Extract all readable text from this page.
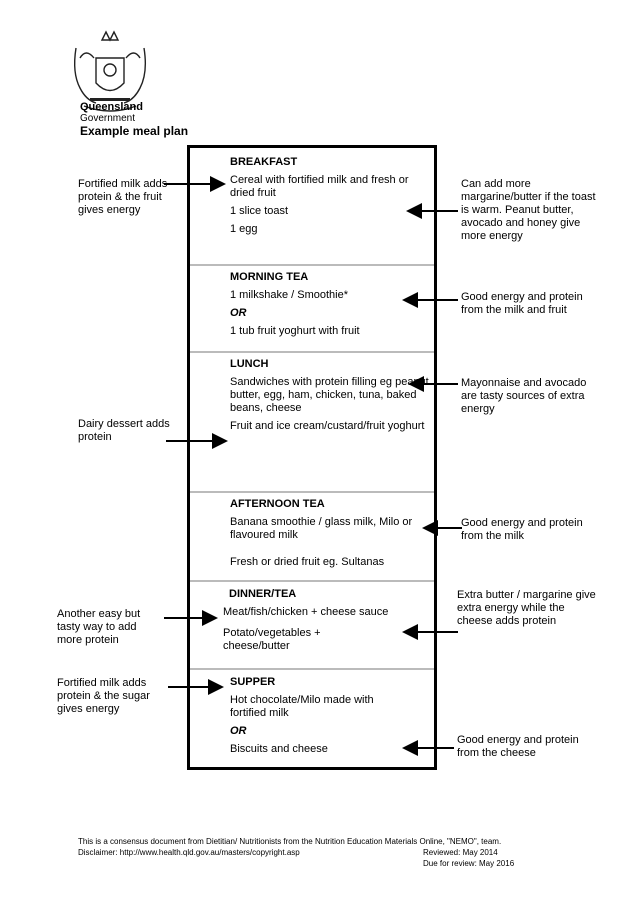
Queensland
Government
Example meal plan
BREAKFAST
Cereal with fortified milk and fresh or dried fruit
1 slice toast
1 egg
MORNING TEA
1 milkshake / Smoothie*
OR
1 tub fruit yoghurt with fruit
LUNCH
Sandwiches with protein filling eg peanut butter, egg, ham, chicken, tuna, baked beans, cheese
Fruit and ice cream/custard/fruit yoghurt
AFTERNOON TEA
Banana smoothie / glass milk, Milo or flavoured milk
Fresh or dried fruit eg. Sultanas
DINNER/TEA
Meat/fish/chicken + cheese sauce
Potato/vegetables + cheese/butter
SUPPER
Hot chocolate/Milo made with fortified milk
OR
Biscuits and cheese
Fortified milk adds protein & the fruit gives energy
Dairy dessert adds protein
Another easy but tasty way to add more protein
Fortified milk adds protein & the sugar gives energy
Can add more margarine/butter if the toast is warm. Peanut butter, avocado and honey give more energy
Good energy and protein from the milk and fruit
Mayonnaise and avocado are tasty sources of extra energy
Good energy and protein from the milk
Extra butter / margarine give extra energy while the cheese adds protein
Good energy and protein from the cheese
This is a consensus document from Dietitian/ Nutritionists from the Nutrition Education Materials Online, "NEMO", team.
Disclaimer: http://www.health.qld.gov.au/masters/copyright.asp	Reviewed: May 2014
Due for review: May 2016
